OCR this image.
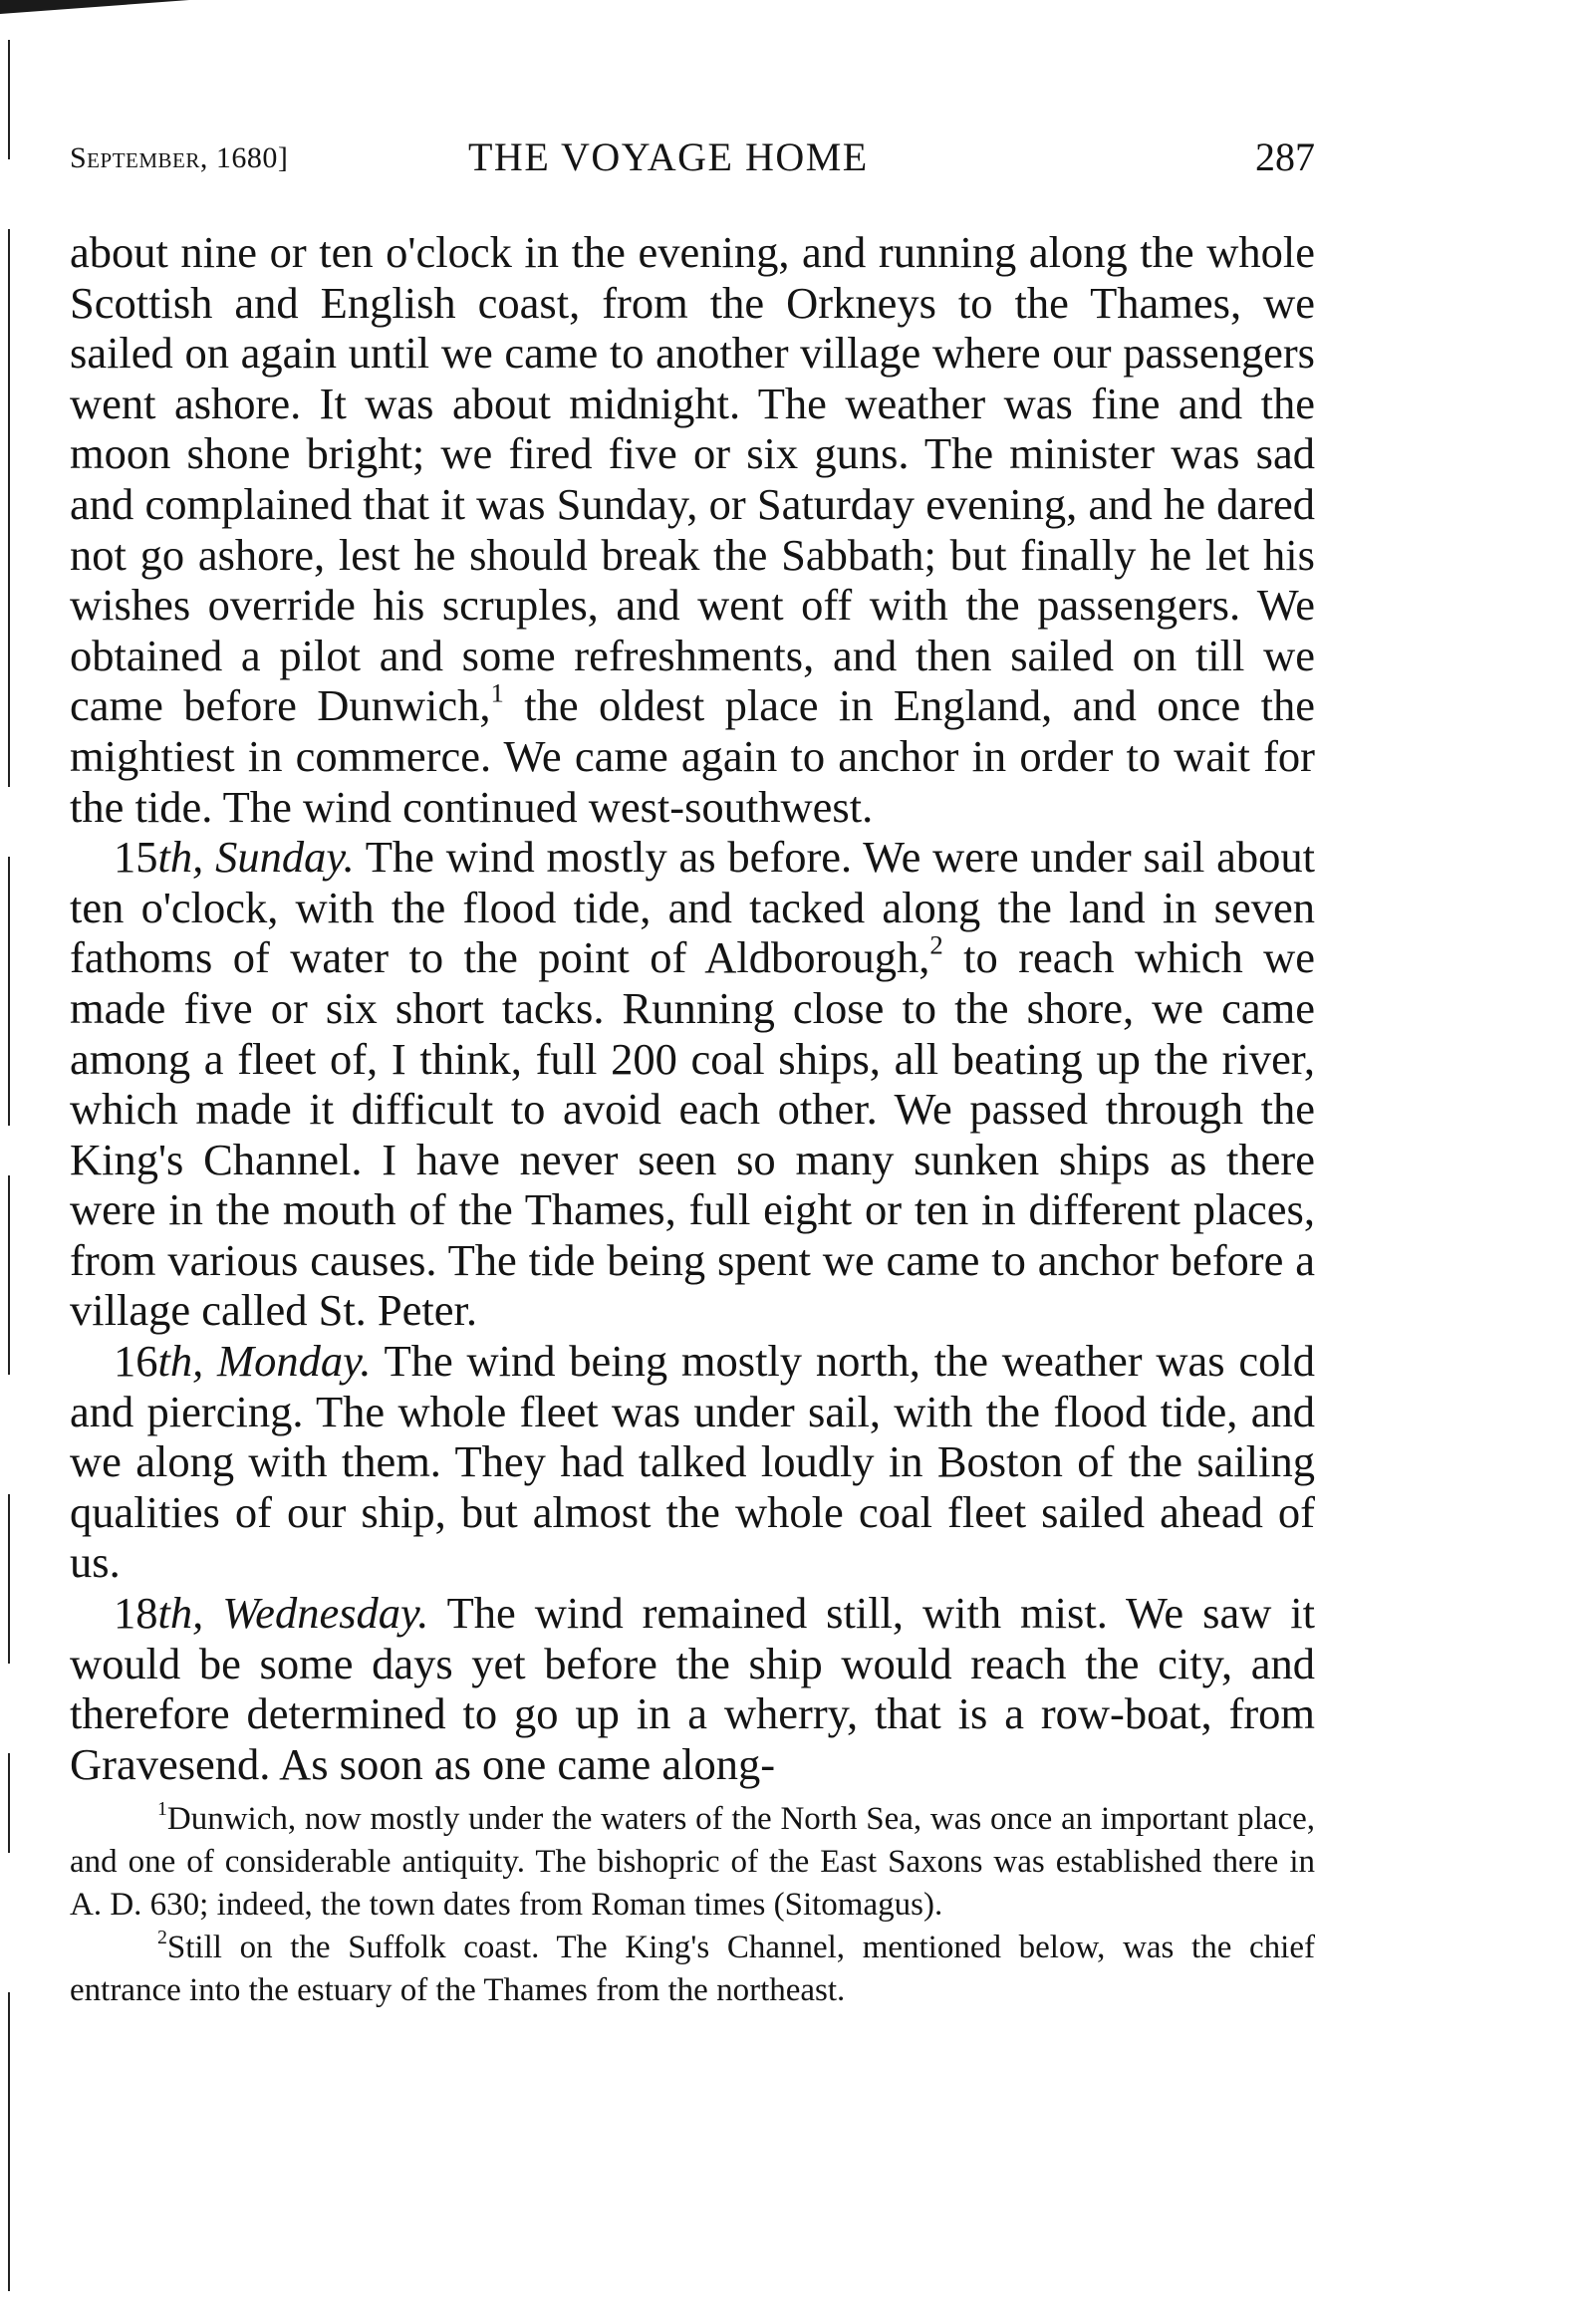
September, 1680]	THE VOYAGE HOME	287

about nine or ten o'clock in the evening, and running along the whole Scottish and English coast, from the Orkneys to the Thames, we sailed on again until we came to another village where our passengers went ashore. It was about midnight. The weather was fine and the moon shone bright; we fired five or six guns. The minister was sad and complained that it was Sunday, or Saturday evening, and he dared not go ashore, lest he should break the Sabbath; but finally he let his wishes override his scruples, and went off with the passengers. We obtained a pilot and some refreshments, and then sailed on till we came before Dunwich,$^1$ the oldest place in England, and once the mightiest in commerce. We came again to anchor in order to wait for the tide. The wind continued west-southwest.

15th, Sunday. The wind mostly as before. We were under sail about ten o'clock, with the flood tide, and tacked along the land in seven fathoms of water to the point of Aldborough,$^2$ to reach which we made five or six short tacks. Running close to the shore, we came among a fleet of, I think, full 200 coal ships, all beating up the river, which made it difficult to avoid each other. We passed through the King's Channel. I have never seen so many sunken ships as there were in the mouth of the Thames, full eight or ten in different places, from various causes. The tide being spent we came to anchor before a village called St. Peter.

16th, Monday. The wind being mostly north, the weather was cold and piercing. The whole fleet was under sail, with the flood tide, and we along with them. They had talked loudly in Boston of the sailing qualities of our ship, but almost the whole coal fleet sailed ahead of us.

18th, Wednesday. The wind remained still, with mist. We saw it would be some days yet before the ship would reach the city, and therefore determined to go up in a wherry, that is a row-boat, from Gravesend. As soon as one came along-

$^1$Dunwich, now mostly under the waters of the North Sea, was once an important place, and one of considerable antiquity. The bishopric of the East Saxons was established there in A. D. 630; indeed, the town dates from Roman times (Sitomagus).

$^2$Still on the Suffolk coast. The King's Channel, mentioned below, was the chief entrance into the estuary of the Thames from the northeast.
